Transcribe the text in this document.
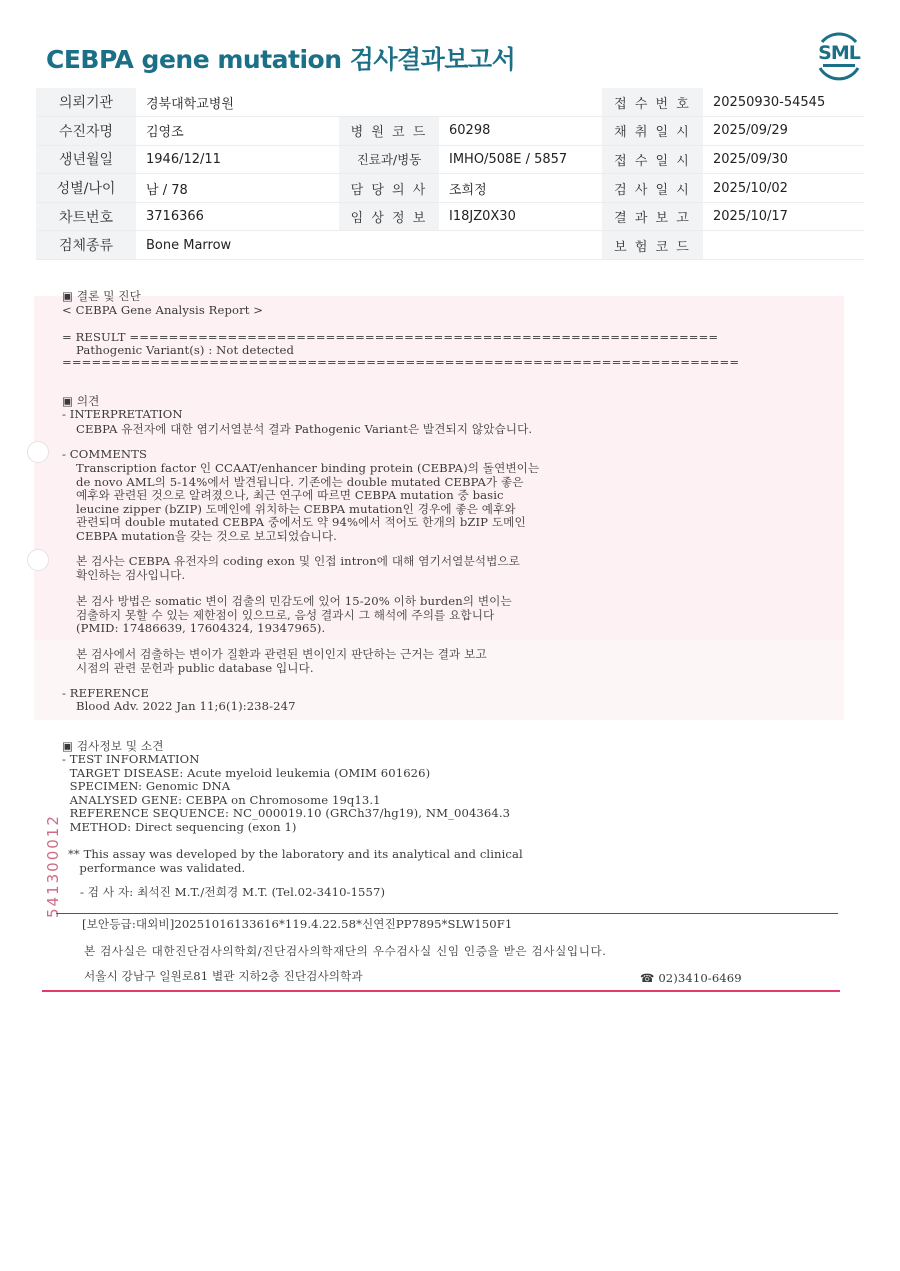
CEBPA gene mutation 검사결과보고서	SML
의뢰기관	경북대학교병원			접 수 번 호	20250930-54545
수진자명	김영조	병 원 코 드	60298	채 취 일 시	2025/09/29
생년월일	1946/12/11	진료과/병동	IMHO/508E / 5857	접 수 일 시	2025/09/30
성별/나이	남 / 78	담 당 의 사	조희정	검 사 일 시	2025/10/02
차트번호	3716366	임 상 정 보	I18JZ0X30	결 과 보 고	2025/10/17
검체종류	Bone Marrow			보 험 코 드	
▣ 결론 및 진단
< CEBPA Gene Analysis Report >
= RESULT ============================================================
Pathogenic Variant(s) : Not detected
=====================================================================
▣ 의견
- INTERPRETATION
CEBPA 유전자에 대한 염기서열분석 결과 Pathogenic Variant은 발견되지 않았습니다.
- COMMENTS
Transcription factor 인 CCAAT/enhancer binding protein (CEBPA)의 돌연변이는
de novo AML의 5-14%에서 발견됩니다. 기존에는 double mutated CEBPA가 좋은
예후와 관련된 것으로 알려졌으나, 최근 연구에 따르면 CEBPA mutation 중 basic
leucine zipper (bZIP) 도메인에 위치하는 CEBPA mutation인 경우에 좋은 예후와
관련되며 double mutated CEBPA 중에서도 약 94%에서 적어도 한개의 bZIP 도메인
CEBPA mutation을 갖는 것으로 보고되었습니다.
본 검사는 CEBPA 유전자의 coding exon 및 인접 intron에 대해 염기서열분석법으로
확인하는 검사입니다.
본 검사 방법은 somatic 변이 검출의 민감도에 있어 15-20% 이하 burden의 변이는
검출하지 못할 수 있는 제한점이 있으므로, 음성 결과시 그 해석에 주의를 요합니다
(PMID: 17486639, 17604324, 19347965).
본 검사에서 검출하는 변이가 질환과 관련된 변이인지 판단하는 근거는 결과 보고
시점의 관련 문헌과 public database 입니다.
- REFERENCE
Blood Adv. 2022 Jan 11;6(1):238-247
▣ 검사정보 및 소견
- TEST INFORMATION
TARGET DISEASE: Acute myeloid leukemia (OMIM 601626)
SPECIMEN: Genomic DNA
ANALYSED GENE: CEBPA on Chromosome 19q13.1
REFERENCE SEQUENCE: NC_000019.10 (GRCh37/hg19), NM_004364.3
METHOD: Direct sequencing (exon 1)
** This assay was developed by the laboratory and its analytical and clinical
performance was validated.
- 검 사 자: 최석진 M.T./전희경 M.T. (Tel.02-3410-1557)
541300012
[보안등급:대외비]20251016133616*119.4.22.58*신연진PP7895*SLW150F1
본 검사실은 대한진단검사의학회/진단검사의학재단의 우수검사실 신임 인증을 받은 검사실입니다.
서울시 강남구 일원로81 별관 지하2층 진단검사의학과	☎ 02)3410-6469
